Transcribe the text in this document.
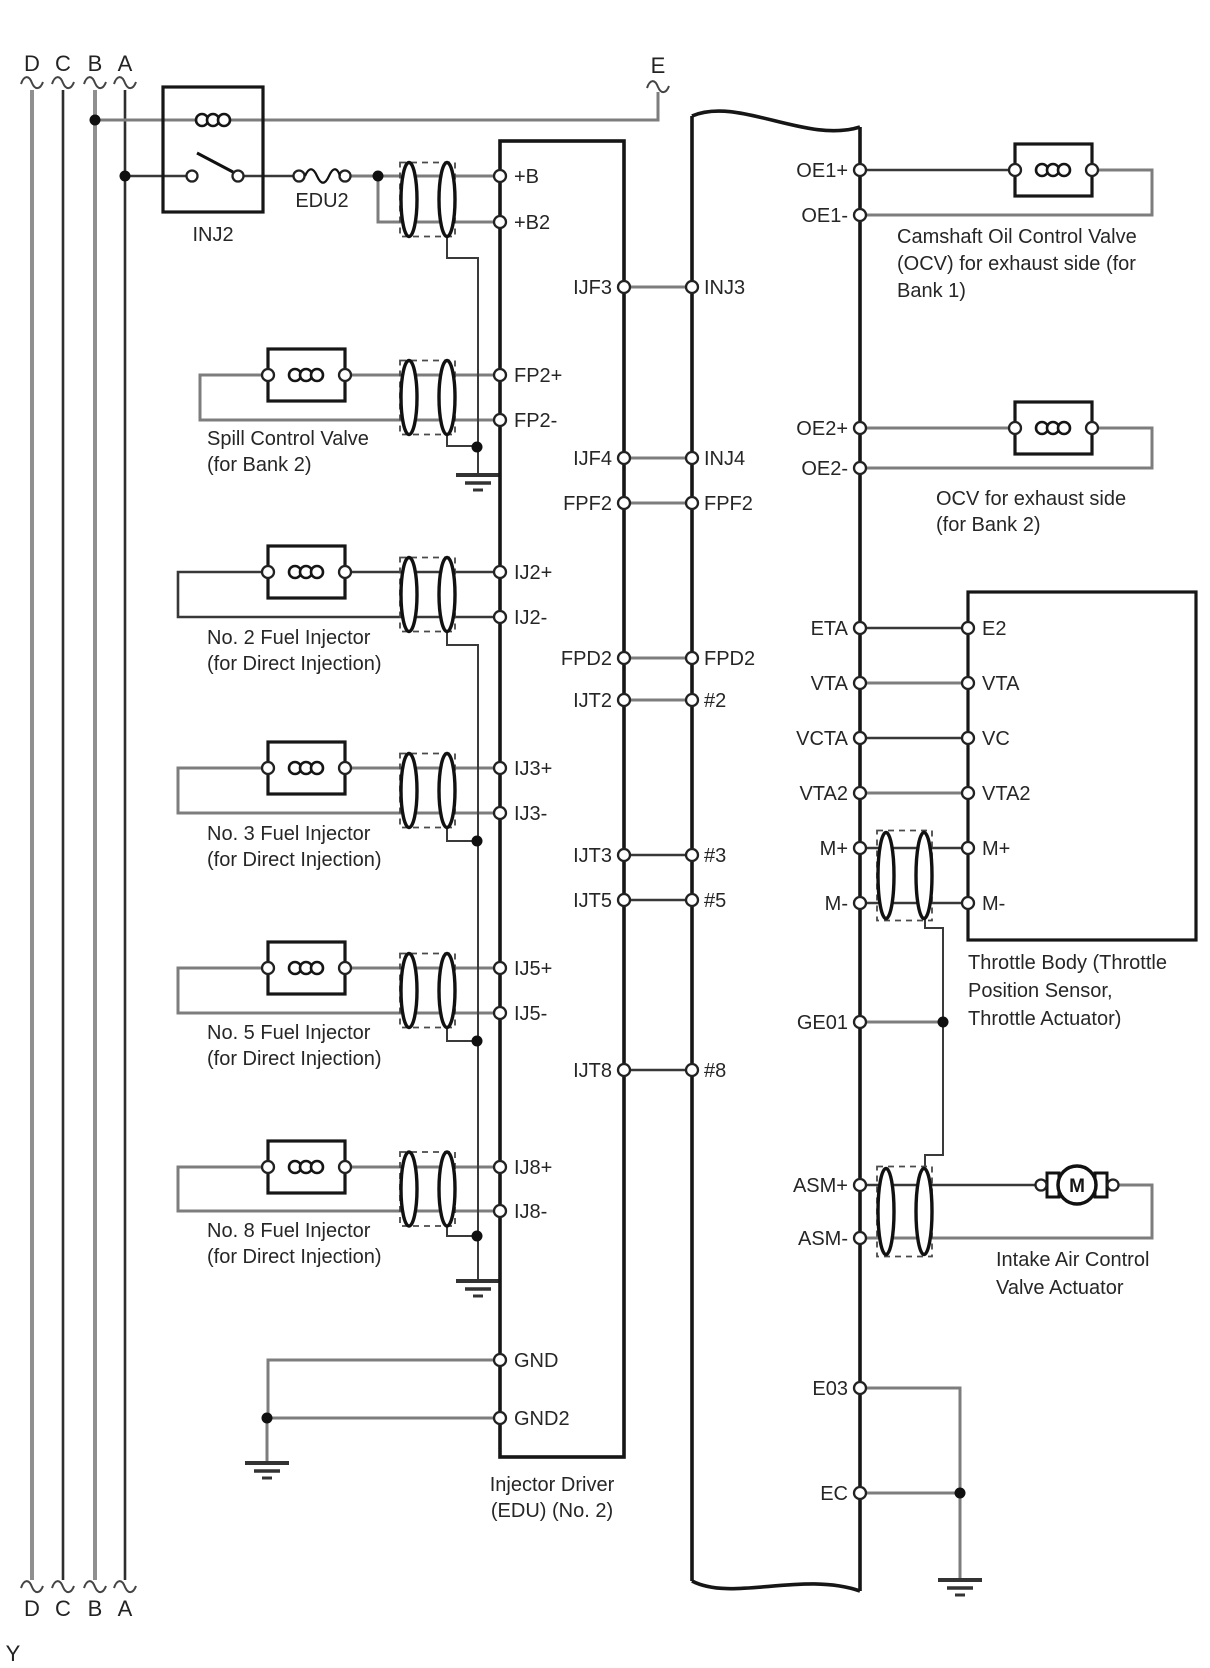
D C B A
D C B A
Y
INJ2
EDU2
Spill Control Valve
(for Bank 2)
No. 2 Fuel Injector
(for Direct Injection)
No. 3 Fuel Injector
(for Direct Injection)
No. 5 Fuel Injector
(for Direct Injection)
No. 8 Fuel Injector
(for Direct Injection)
+B
+B2
FP2+
FP2-
IJ2+
IJ2-
IJ3+
IJ3-
IJ5+
IJ5-
IJ8+
IJ8-
GND
GND2
IJF3
IJF4
FPF2
FPD2
IJT2
IJT3
IJT5
IJT8
Injector Driver
(EDU) (No. 2)
INJ3
INJ4
FPF2
FPD2
#2
#3
#5
#8
OE1+
OE1-
OE2+
OE2-
ETA
VTA
VCTA
VTA2
M+
M-
GE01
ASM+
ASM-
E03
EC
Camshaft Oil Control Valve
(OCV) for exhaust side (for
Bank 1)
OCV for exhaust side
(for Bank 2)
E2
VTA
VC
VTA2
M+
M-
Throttle Body (Throttle
Position Sensor,
Throttle Actuator)
M
Intake Air Control
Valve Actuator
E
